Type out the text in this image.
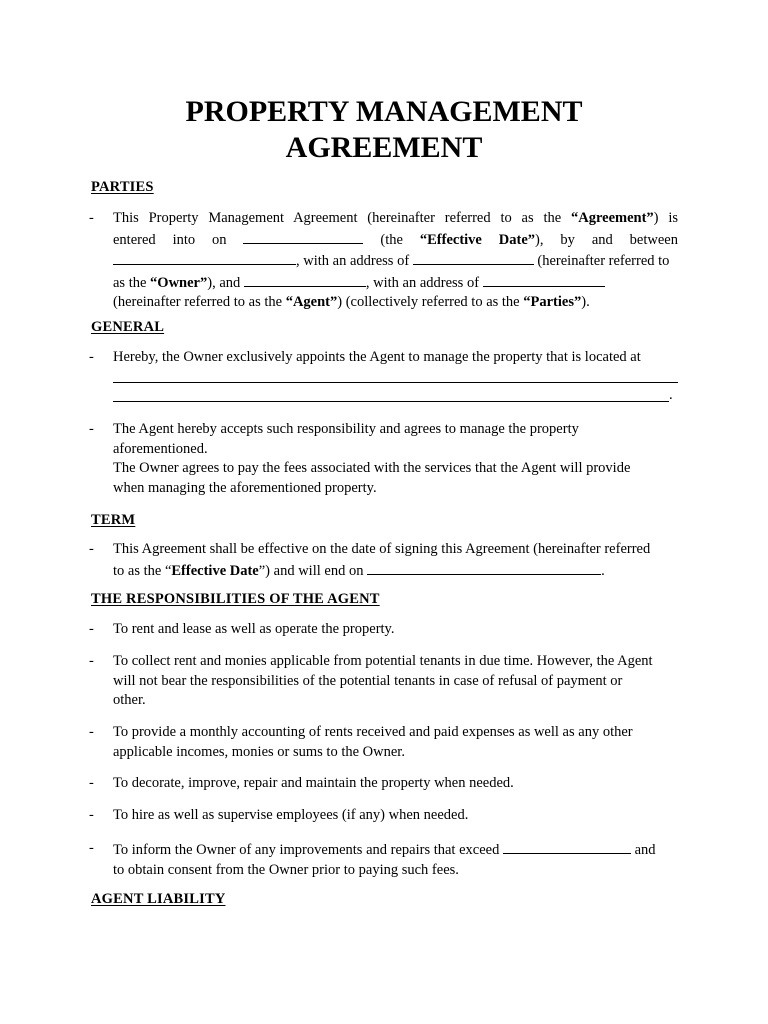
PROPERTY MANAGEMENT
AGREEMENT
PARTIES
- This Property Management Agreement (hereinafter referred to as the “Agreement”) is
entered into on	(the “Effective Date”), by and between
, with an address of	(hereinafter referred to
as the “Owner”), and	, with an address of
(hereinafter referred to as the “Agent”) (collectively referred to as the “Parties”).
GENERAL
- Hereby, the Owner exclusively appoints the Agent to manage the property that is located at
.
- The Agent hereby accepts such responsibility and agrees to manage the property
aforementioned.
The Owner agrees to pay the fees associated with the services that the Agent will provide
when managing the aforementioned property.
TERM
- This Agreement shall be effective on the date of signing this Agreement (hereinafter referred
to as the “Effective Date”) and will end on	.
THE RESPONSIBILITIES OF THE AGENT
- To rent and lease as well as operate the property.
- To collect rent and monies applicable from potential tenants in due time. However, the Agent
will not bear the responsibilities of the potential tenants in case of refusal of payment or
other.
- To provide a monthly accounting of rents received and paid expenses as well as any other
applicable incomes, monies or sums to the Owner.
- To decorate, improve, repair and maintain the property when needed.
- To hire as well as supervise employees (if any) when needed.
- To inform the Owner of any improvements and repairs that exceed	and
to obtain consent from the Owner prior to paying such fees.
AGENT LIABILITY
